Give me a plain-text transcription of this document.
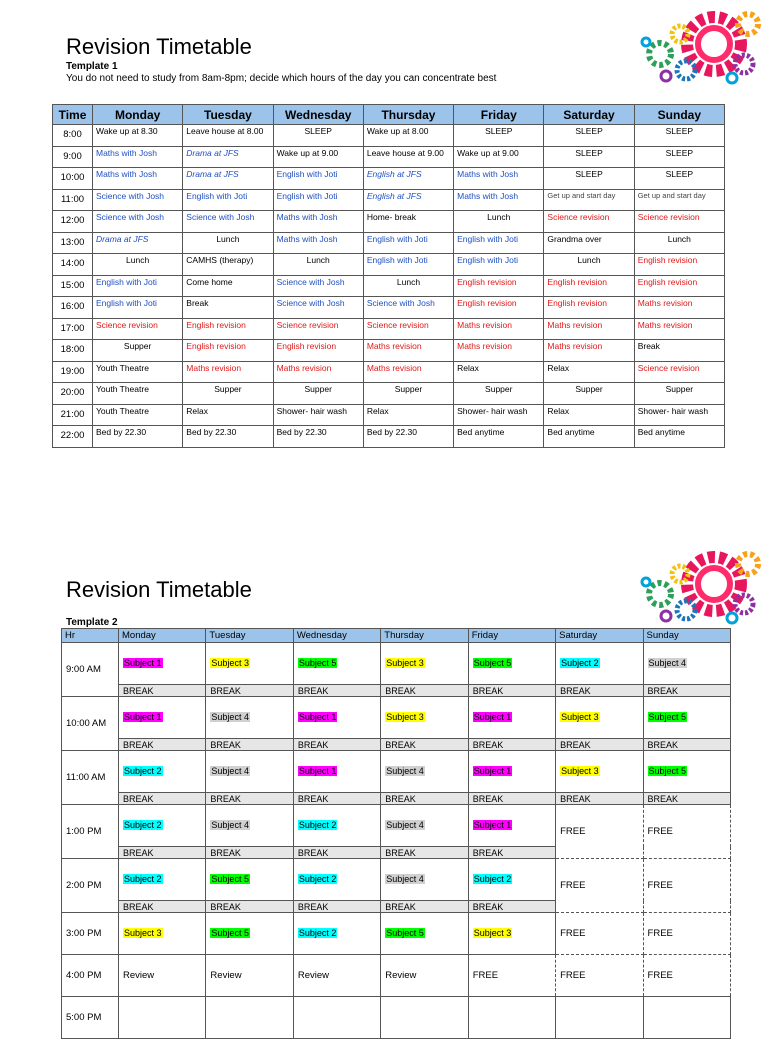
Revision Timetable
Template 1
You do not need to study from 8am-8pm; decide which hours of the day you can concentrate best
Time	Monday	Tuesday	Wednesday	Thursday	Friday	Saturday	Sunday
8:00	Wake up at 8.30	Leave house at 8.00	SLEEP	Wake up at 8.00	SLEEP	SLEEP	SLEEP
9:00	Maths with Josh	Drama at JFS	Wake up at 9.00	Leave house at 9.00	Wake up at 9.00	SLEEP	SLEEP
10:00	Maths with Josh	Drama at JFS	English with Joti	English at JFS	Maths with Josh	SLEEP	SLEEP
11:00	Science with Josh	English with Joti	English with Joti	English at JFS	Maths with Josh	Get up and start day	Get up and start day
12:00	Science with Josh	Science with Josh	Maths with Josh	Home- break	Lunch	Science revision	Science revision
13:00	Drama at JFS	Lunch	Maths with Josh	English with Joti	English with Joti	Grandma over	Lunch
14:00	Lunch	CAMHS (therapy)	Lunch	English with Joti	English with Joti	Lunch	English revision
15:00	English with Joti	Come home	Science with Josh	Lunch	English revision	English revision	English revision
16:00	English with Joti	Break	Science with Josh	Science with Josh	English revision	English revision	Maths revision
17:00	Science revision	English revision	Science revision	Science revision	Maths revision	Maths revision	Maths revision
18:00	Supper	English revision	English revision	Maths revision	Maths revision	Maths revision	Break
19:00	Youth Theatre	Maths revision	Maths revision	Maths revision	Relax	Relax	Science revision
20:00	Youth Theatre	Supper	Supper	Supper	Supper	Supper	Supper
21:00	Youth Theatre	Relax	Shower- hair wash	Relax	Shower- hair wash	Relax	Shower- hair wash
22:00	Bed by 22.30	Bed by 22.30	Bed by 22.30	Bed by 22.30	Bed anytime	Bed anytime	Bed anytime
Revision Timetable
Template 2
Hr	Monday	Tuesday	Wednesday	Thursday	Friday	Saturday	Sunday
9:00 AM	Subject 1	Subject 3	Subject 5	Subject 3	Subject 5	Subject 2	Subject 4
	BREAK	BREAK	BREAK	BREAK	BREAK	BREAK	BREAK
10:00 AM	Subject 1	Subject 4	Subject 1	Subject 3	Subject 1	Subject 3	Subject 5
	BREAK	BREAK	BREAK	BREAK	BREAK	BREAK	BREAK
11:00 AM	Subject 2	Subject 4	Subject 1	Subject 4	Subject 1	Subject 3	Subject 5
	BREAK	BREAK	BREAK	BREAK	BREAK	BREAK	BREAK
1:00 PM	Subject 2	Subject 4	Subject 2	Subject 4	Subject 1	FREE	FREE
	BREAK	BREAK	BREAK	BREAK	BREAK		
2:00 PM	Subject 2	Subject 5	Subject 2	Subject 4	Subject 2	FREE	FREE
	BREAK	BREAK	BREAK	BREAK	BREAK		
3:00 PM	Subject 3	Subject 5	Subject 2	Subject 5	Subject 3	FREE	FREE
4:00 PM	Review	Review	Review	Review	FREE	FREE	FREE
5:00 PM							
